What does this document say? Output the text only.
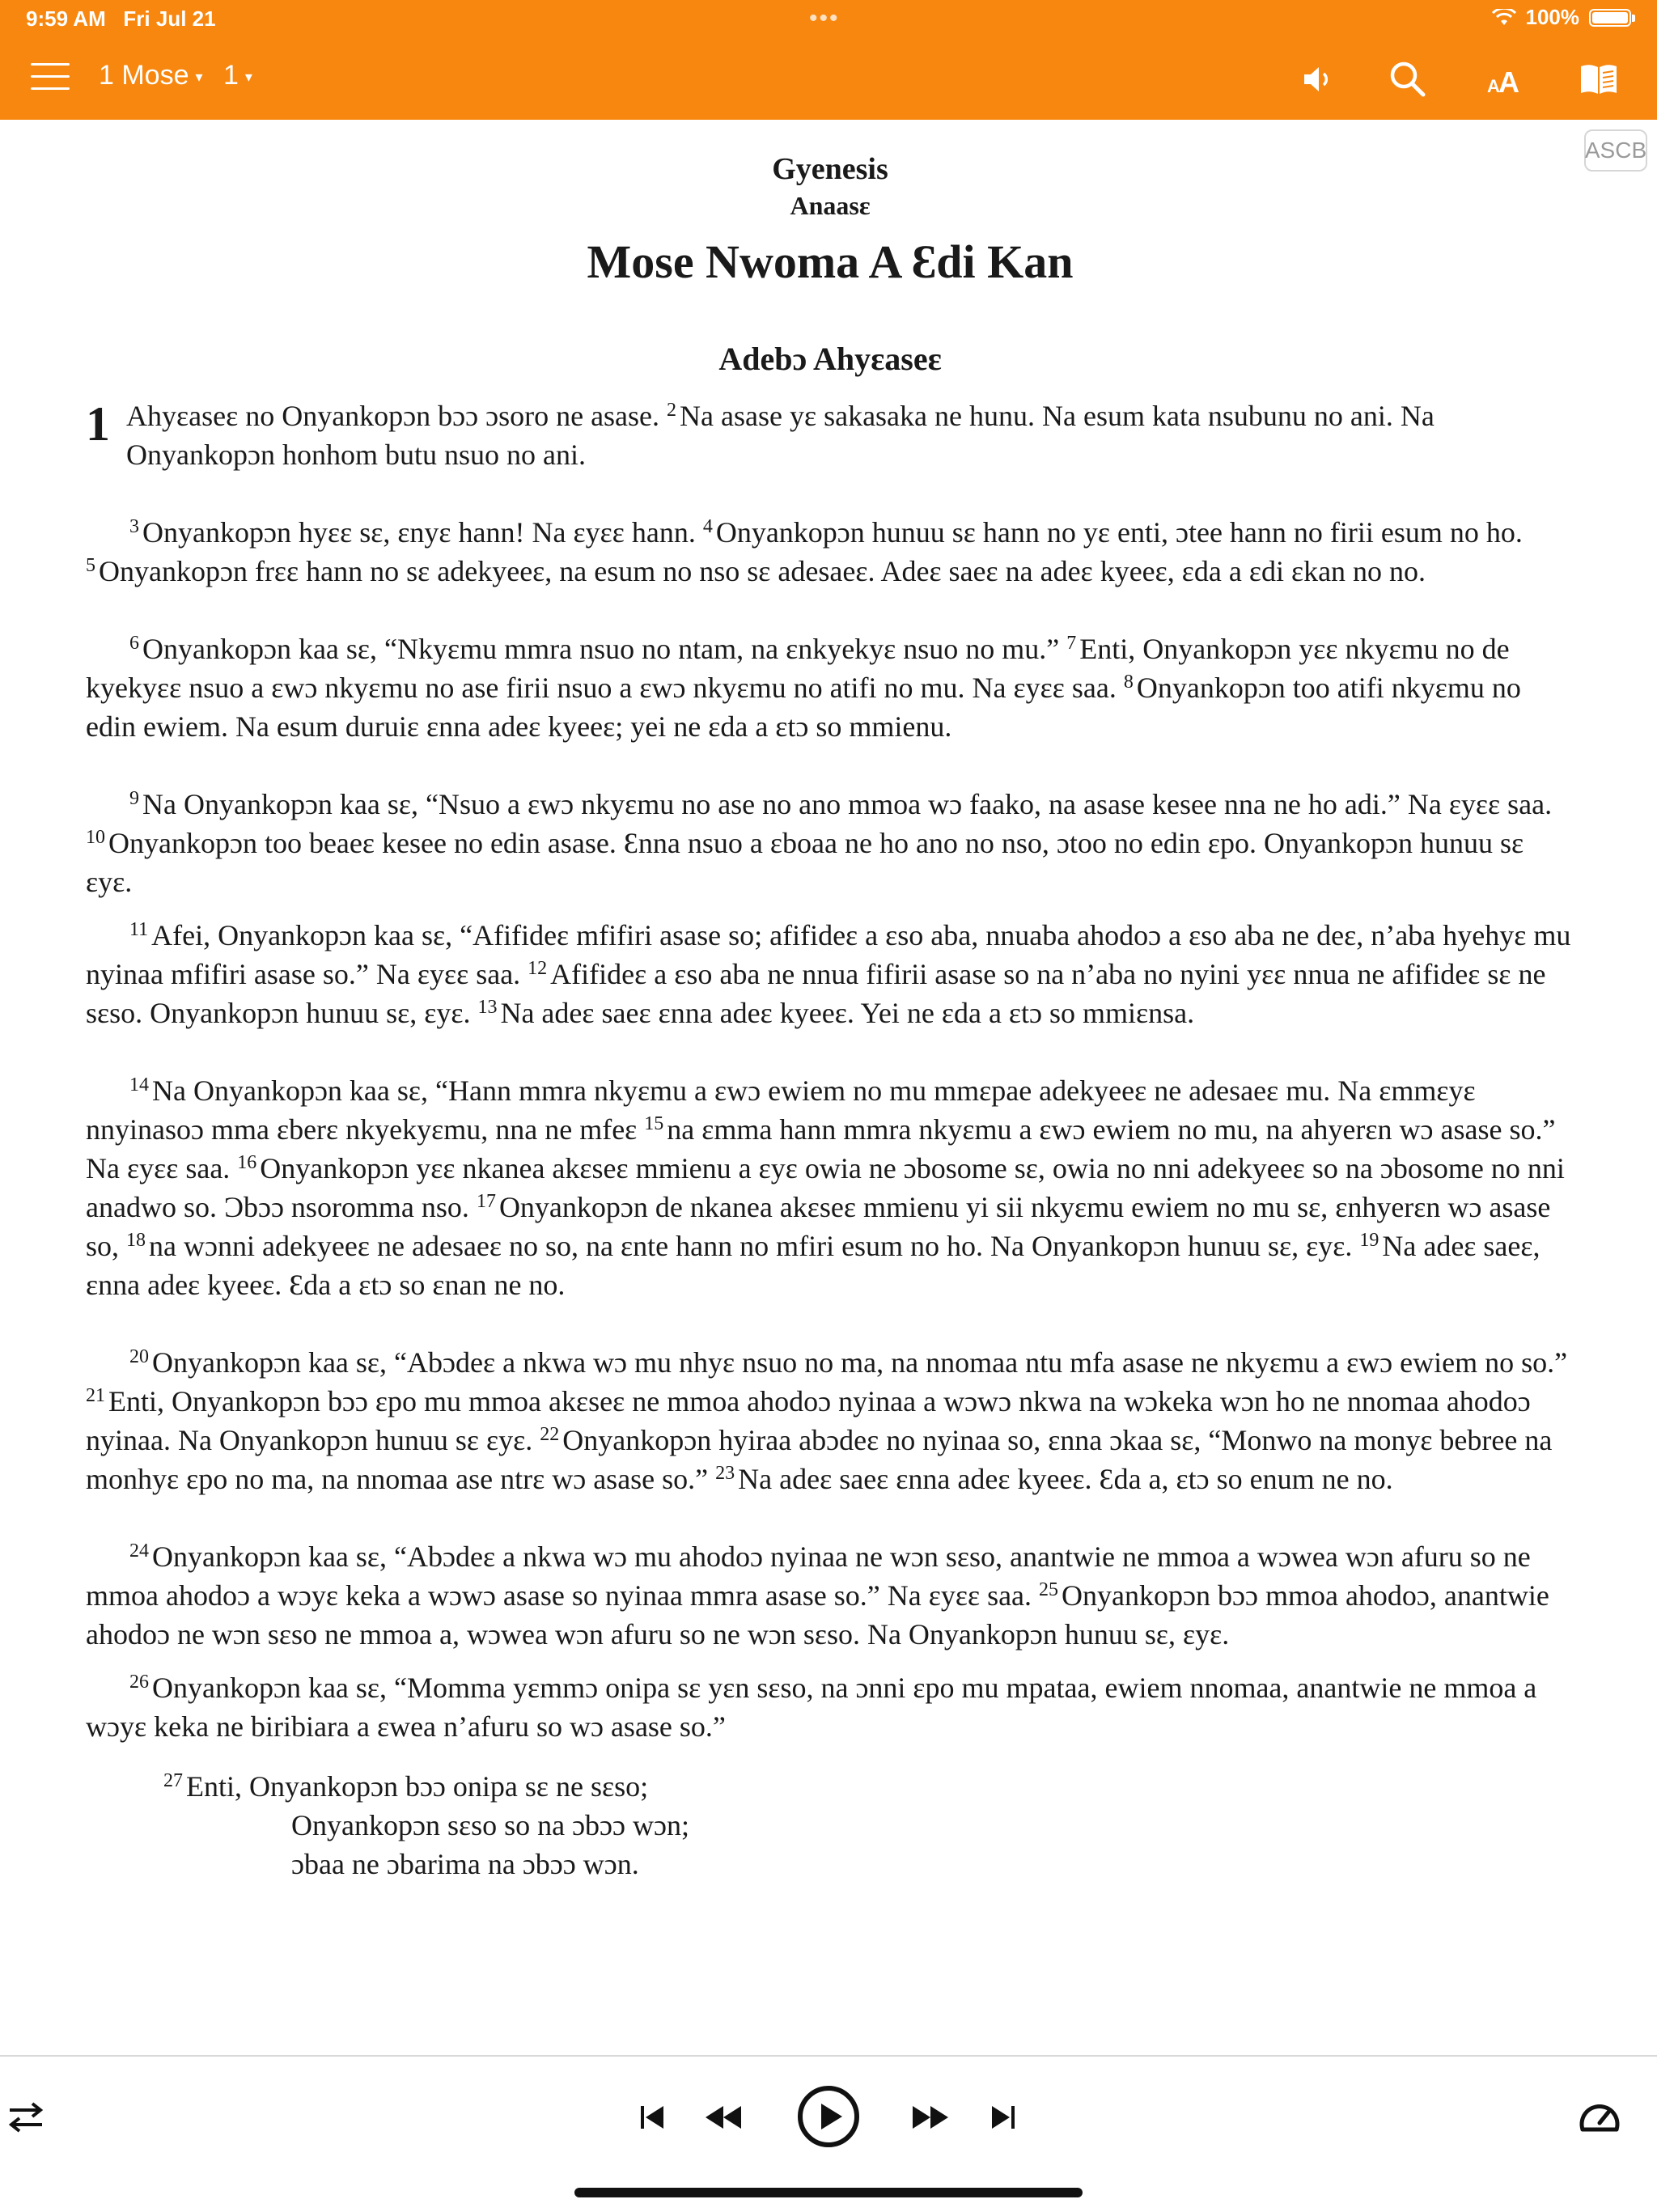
9:59 AM Fri Jul 21	•••	100%
1 Mose ▾ 1 ▾	A
A
ASCB
Gyenesis
Anaasɛ
Mose Nwoma A Ɛdi Kan
Adebɔ Ahyɛaseɛ

1 Ahyɛaseɛ no Onyankopɔn bɔɔ ɔsoro ne asase. $^2$ Na asase yɛ sakasaka ne hunu. Na esum kata nsubunu no ani. Na Onyankopɔn honhom butu nsuo no ani.

$^3$ Onyankopɔn hyɛɛ sɛ, ɛnyɛ hann! Na ɛyɛɛ hann. $^4$ Onyankopɔn hunuu sɛ hann no yɛ enti, ɔtee hann no firii esum no ho. $^5$ Onyankopɔn frɛɛ hann no sɛ adekyeeɛ, na esum no nso sɛ adesaeɛ. Adeɛ saeɛ na adeɛ kyeeɛ, ɛda a ɛdi ɛkan no no.

$^6$ Onyankopɔn kaa sɛ, “Nkyɛmu mmra nsuo no ntam, na ɛnkyekyɛ nsuo no mu.” $^7$ Enti, Onyankopɔn yɛɛ nkyɛmu no de kyekyɛɛ nsuo a ɛwɔ nkyɛmu no ase firii nsuo a ɛwɔ nkyɛmu no atifi no mu. Na ɛyɛɛ saa. $^8$ Onyankopɔn too atifi nkyɛmu no edin ewiem. Na esum duruiɛ ɛnna adeɛ kyeeɛ; yei ne ɛda a ɛtɔ so mmienu.

$^9$ Na Onyankopɔn kaa sɛ, “Nsuo a ɛwɔ nkyɛmu no ase no ano mmoa wɔ faako, na asase kesee nna ne ho adi.” Na ɛyɛɛ saa. $^{10}$ Onyankopɔn too beaeɛ kesee no edin asase. Ɛnna nsuo a ɛboaa ne ho ano no nso, ɔtoo no edin ɛpo. Onyankopɔn hunuu sɛ ɛyɛ.

$^{11}$ Afei, Onyankopɔn kaa sɛ, “Afifideɛ mfifiri asase so; afifideɛ a ɛso aba, nnuaba ahodoɔ a ɛso aba ne deɛ, n’aba hyehyɛ mu nyinaa mfifiri asase so.” Na ɛyɛɛ saa. $^{12}$ Afifideɛ a ɛso aba ne nnua fifirii asase so na n’aba no nyini yɛɛ nnua ne afifideɛ sɛ ne sɛso. Onyankopɔn hunuu sɛ, ɛyɛ. $^{13}$ Na adeɛ saeɛ ɛnna adeɛ kyeeɛ. Yei ne ɛda a ɛtɔ so mmiɛnsa.

$^{14}$ Na Onyankopɔn kaa sɛ, “Hann mmra nkyɛmu a ɛwɔ ewiem no mu mmɛpae adekyeeɛ ne adesaeɛ mu. Na ɛmmɛyɛ nnyinasoɔ mma ɛberɛ nkyekyɛmu, nna ne mfeɛ $^{15}$ na ɛmma hann mmra nkyɛmu a ɛwɔ ewiem no mu, na ahyerɛn wɔ asase so.” Na ɛyɛɛ saa. $^{16}$ Onyankopɔn yɛɛ nkanea akɛseɛ mmienu a ɛyɛ owia ne ɔbosome sɛ, owia no nni adekyeeɛ so na ɔbosome no nni anadwo so. Ɔbɔɔ nsoromma nso. $^{17}$ Onyankopɔn de nkanea akɛseɛ mmienu yi sii nkyɛmu ewiem no mu sɛ, ɛnhyerɛn wɔ asase so, $^{18}$ na wɔnni adekyeeɛ ne adesaeɛ no so, na ɛnte hann no mfiri esum no ho. Na Onyankopɔn hunuu sɛ, ɛyɛ. $^{19}$ Na adeɛ saeɛ, ɛnna adeɛ kyeeɛ. Ɛda a ɛtɔ so ɛnan ne no.

$^{20}$ Onyankopɔn kaa sɛ, “Abɔdeɛ a nkwa wɔ mu nhyɛ nsuo no ma, na nnomaa ntu mfa asase ne nkyɛmu a ɛwɔ ewiem no so.” $^{21}$ Enti, Onyankopɔn bɔɔ ɛpo mu mmoa akɛseɛ ne mmoa ahodoɔ nyinaa a wɔwɔ nkwa na wɔkeka wɔn ho ne nnomaa ahodoɔ nyinaa. Na Onyankopɔn hunuu sɛ ɛyɛ. $^{22}$ Onyankopɔn hyiraa abɔdeɛ no nyinaa so, ɛnna ɔkaa sɛ, “Monwo na monyɛ bebree na monhyɛ ɛpo no ma, na nnomaa ase ntrɛ wɔ asase so.” $^{23}$ Na adeɛ saeɛ ɛnna adeɛ kyeeɛ. Ɛda a, ɛtɔ so enum ne no.

$^{24}$ Onyankopɔn kaa sɛ, “Abɔdeɛ a nkwa wɔ mu ahodoɔ nyinaa ne wɔn sɛso, anantwie ne mmoa a wɔwea wɔn afuru so ne mmoa ahodoɔ a wɔyɛ keka a wɔwɔ asase so nyinaa mmra asase so.” Na ɛyɛɛ saa. $^{25}$ Onyankopɔn bɔɔ mmoa ahodoɔ, anantwie ahodoɔ ne wɔn sɛso ne mmoa a, wɔwea wɔn afuru so ne wɔn sɛso. Na Onyankopɔn hunuu sɛ, ɛyɛ.

$^{26}$ Onyankopɔn kaa sɛ, “Momma yɛmmɔ onipa sɛ yɛn sɛso, na ɔnni ɛpo mu mpataa, ewiem nnomaa, anantwie ne mmoa a wɔyɛ keka ne biribiara a ɛwea n’afuru so wɔ asase so.”

$^{27}$ Enti, Onyankopɔn bɔɔ onipa sɛ ne sɛso;
Onyankopɔn sɛso so na ɔbɔɔ wɔn;
ɔbaa ne ɔbarima na ɔbɔɔ wɔn.
